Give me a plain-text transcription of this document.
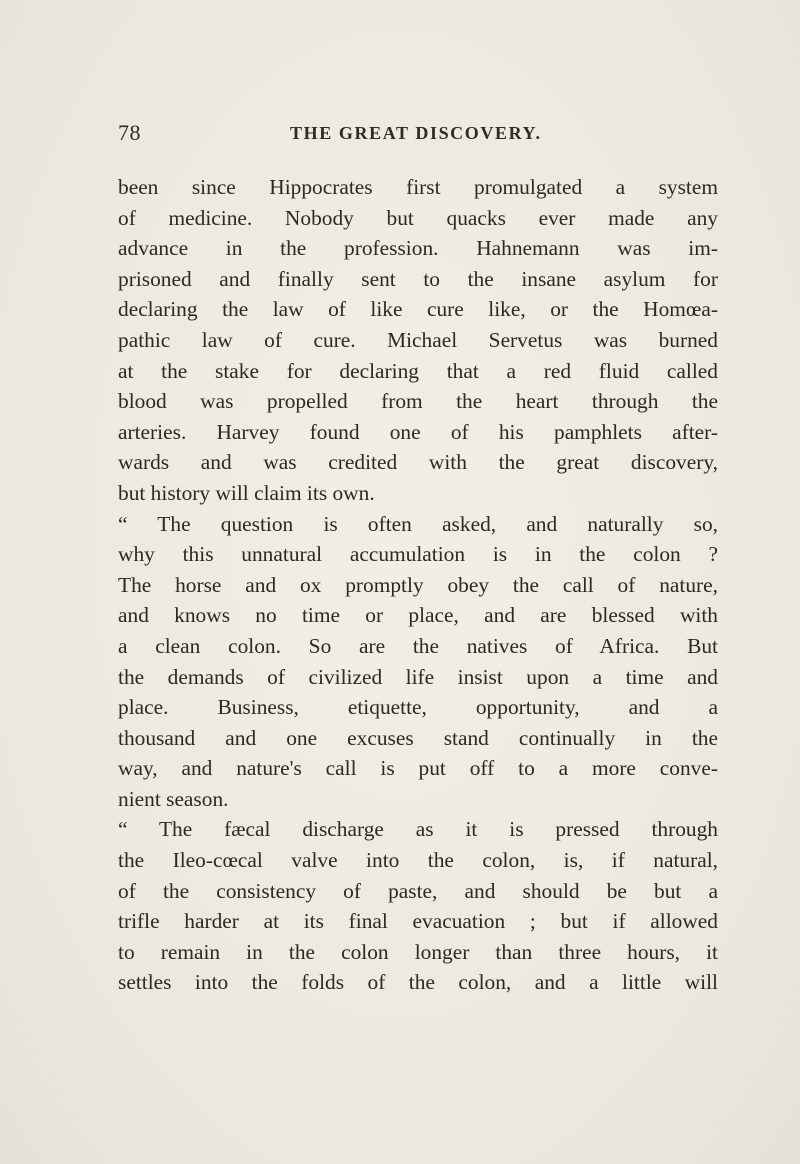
78	THE GREAT DISCOVERY.
been since Hippocrates first promulgated a system
of medicine. Nobody but quacks ever made any
advance in the profession. Hahnemann was im-
prisoned and finally sent to the insane asylum for
declaring the law of like cure like, or the Homœa-
pathic law of cure. Michael Servetus was burned
at the stake for declaring that a red fluid called
blood was propelled from the heart through the
arteries. Harvey found one of his pamphlets after-
wards and was credited with the great discovery,
but history will claim its own.
“ The question is often asked, and naturally so,
why this unnatural accumulation is in the colon ?
The horse and ox promptly obey the call of nature,
and knows no time or place, and are blessed with
a clean colon. So are the natives of Africa. But
the demands of civilized life insist upon a time and
place. Business, etiquette, opportunity, and a
thousand and one excuses stand continually in the
way, and nature's call is put off to a more conve-
nient season.
“ The fæcal discharge as it is pressed through
the Ileo-cœcal valve into the colon, is, if natural,
of the consistency of paste, and should be but a
trifle harder at its final evacuation ; but if allowed
to remain in the colon longer than three hours, it
settles into the folds of the colon, and a little will
